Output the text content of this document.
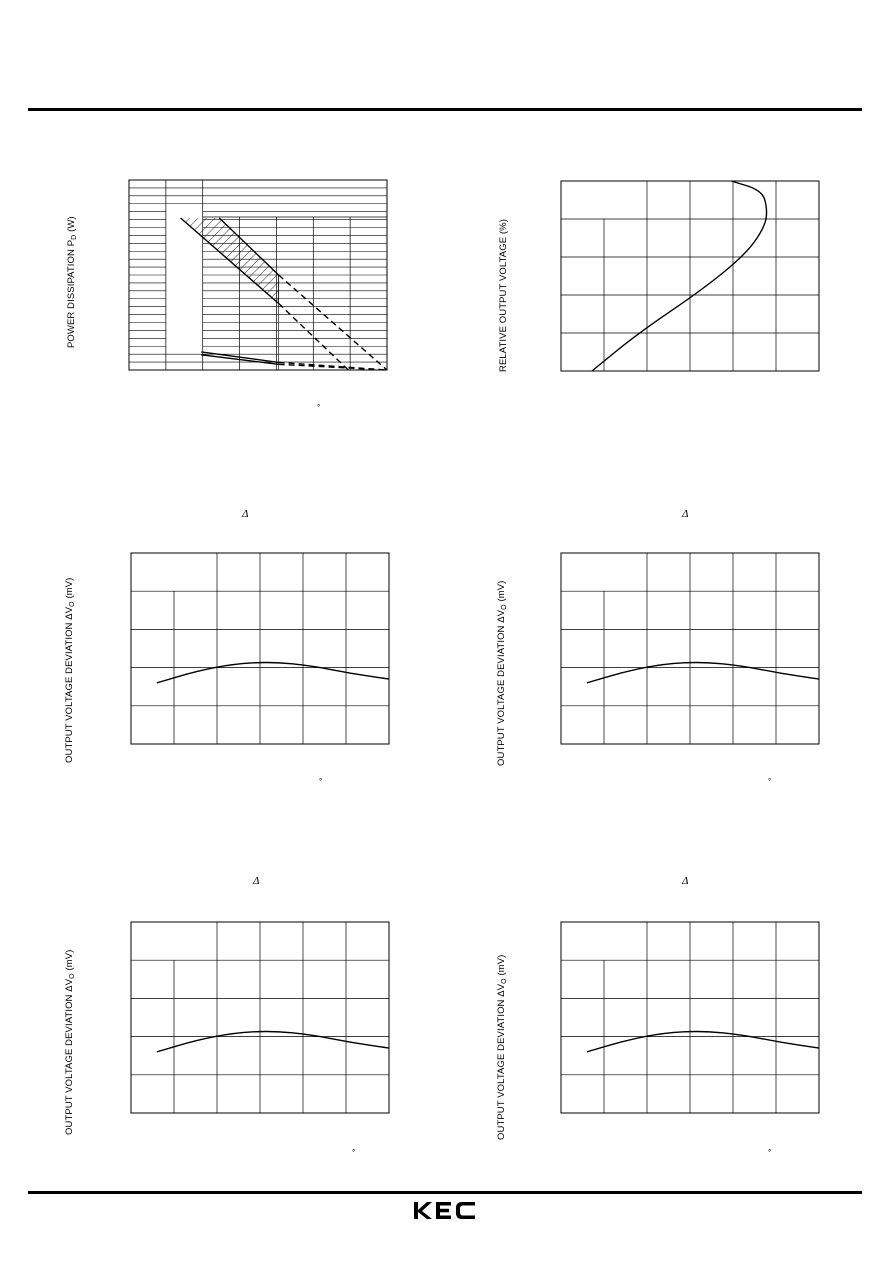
POWER DISSIPATION $P_D$ (W)	RELATIVE OUTPUT VOLTAGE (%)
OUTPUT VOLTAGE DEVIATION $\Delta V_O$ (mV)
OUTPUT VOLTAGE DEVIATION $\Delta V_O$ (mV)
OUTPUT VOLTAGE DEVIATION $\Delta V_O$ (mV)
OUTPUT VOLTAGE DEVIATION $\Delta V_O$ (mV)
Δ	Δ
Δ	Δ
°
°	°
°	°
